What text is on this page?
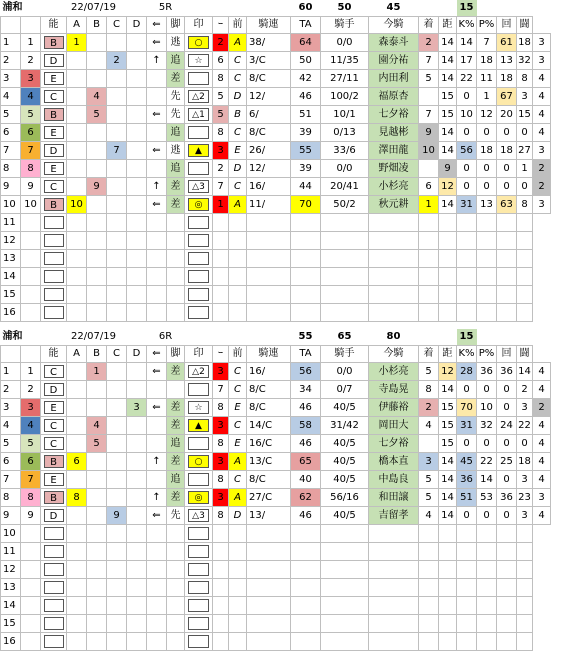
浦和		22/07/19					5R						60	50	45			15				
		能	A	B	C	D	⇐	脚	印	ｰ	前	騎連	TA	騎手	今騎	着	距	K%	P%	回	闘	
1	1	B	1				⇐	逃	○	2	A	38/	64	0/0	森泰斗	2	14	14	7	61	18	3
2	2	D			2		↑	追	☆	6	C	3/C	50	11/35	園分祐	7	14	17	18	13	32	3
3	3	E						差		8	C	8/C	42	27/11	内田利	5	14	22	11	18	8	4
4	4	C		4				先	△2	5	D	12/	46	100/2	福原杏		15	0	1	67	3	4
5	5	B		5			⇐	先	△1	5	B	6/	51	10/1	七夕裕	7	15	10	12	20	15	4
6	6	E						追		8	C	8/C	39	0/13	見越彬	9	14	0	0	0	0	4
7	7	D			7		⇐	逃	▲	3	E	26/	55	33/6	澤田龍	10	14	56	18	18	27	3
8	8	E						追		2	D	12/	39	0/0	野畑凌		9	0	0	0	1	2
9	9	C		9			↑	差	△3	7	C	16/	44	20/41	小杉亮	6	12	0	0	0	0	2
10	10	B	10				⇐	差	◎	1	A	11/	70	50/2	秋元耕	1	14	31	13	63	8	3
11			

12			

13			

14			

15			

16			

浦和		22/07/19					6R						55	65	80			15				
		能	A	B	C	D	⇐	脚	印	ｰ	前	騎連	TA	騎手	今騎	着	距	K%	P%	回	闘	
1	1	C		1			⇐	差	△2	3	C	16/	56	0/0	小杉亮	5	12	28	36	36	14	4
2	2	D								7	C	8/C	34	0/7	寺島晃	8	14	0	0	0	2	4
3	3	E				3	⇐	差	☆	8	E	8/C	46	40/5	伊藤裕	2	15	70	10	0	3	2
4	4	C		4				差	▲	3	C	14/C	58	31/42	岡田大	4	15	31	32	24	22	4
5	5	C		5				追		8	E	16/C	46	40/5	七夕裕		15	0	0	0	0	4
6	6	B	6				↑	差	○	3	A	13/C	65	40/5	橋本直	3	14	45	22	25	18	4
7	7	E						追		8	C	8/C	40	40/5	中島良	5	14	36	14	0	3	4
8	8	B	8				↑	差	◎	3	A	27/C	62	56/16	和田譲	5	14	51	53	36	23	3
9	9	D			9		⇐	先	△3	8	D	13/	46	40/5	吉留孝	4	14	0	0	0	3	4
10			

11			

12			

13			

14			

15			

16			
